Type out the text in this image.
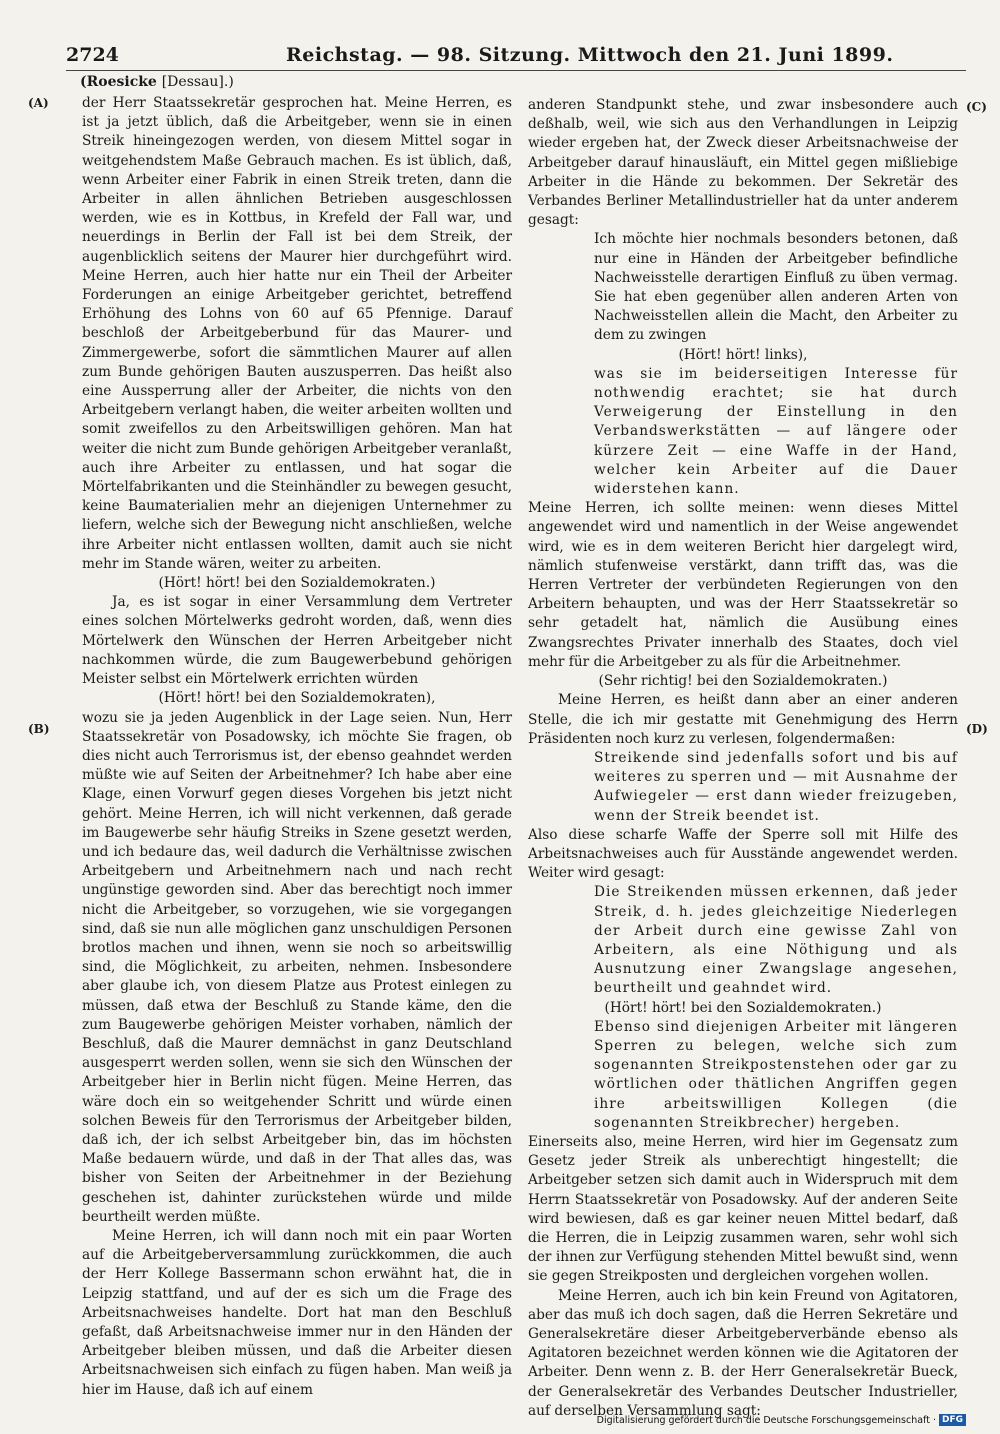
2724	Reichstag. — 98. Sitzung. Mittwoch den 21. Juni 1899.
(Roesicke [Dessau].)
(A)
(B)
(C)
(D)

der Herr Staatssekretär gesprochen hat. Meine Herren, es ist ja jetzt üblich, daß die Arbeitgeber, wenn sie in einen Streik hineingezogen werden, von diesem Mittel sogar in weitgehendstem Maße Gebrauch machen. Es ist üblich, daß, wenn Arbeiter einer Fabrik in einen Streik treten, dann die Arbeiter in allen ähnlichen Betrieben ausgeschlossen werden, wie es in Kottbus, in Krefeld der Fall war, und neuerdings in Berlin der Fall ist bei dem Streik, der augenblicklich seitens der Maurer hier durchgeführt wird. Meine Herren, auch hier hatte nur ein Theil der Arbeiter Forderungen an einige Arbeitgeber gerichtet, betreffend Erhöhung des Lohns von 60 auf 65 Pfennige. Darauf beschloß der Arbeitgeberbund für das Maurer- und Zimmergewerbe, sofort die sämmtlichen Maurer auf allen zum Bunde gehörigen Bauten auszusperren. Das heißt also eine Aussperrung aller der Arbeiter, die nichts von den Arbeitgebern verlangt haben, die weiter arbeiten wollten und somit zweifellos zu den Arbeitswilligen gehören. Man hat weiter die nicht zum Bunde gehörigen Arbeitgeber veranlaßt, auch ihre Arbeiter zu entlassen, und hat sogar die Mörtelfabrikanten und die Steinhändler zu bewegen gesucht, keine Baumaterialien mehr an diejenigen Unternehmer zu liefern, welche sich der Bewegung nicht anschließen, welche ihre Arbeiter nicht entlassen wollten, damit auch sie nicht mehr im Stande wären, weiter zu arbeiten.

(Hört! hört! bei den Sozialdemokraten.)

Ja, es ist sogar in einer Versammlung dem Vertreter eines solchen Mörtelwerks gedroht worden, daß, wenn dies Mörtelwerk den Wünschen der Herren Arbeitgeber nicht nachkommen würde, die zum Baugewerbebund gehörigen Meister selbst ein Mörtelwerk errichten würden

(Hört! hört! bei den Sozialdemokraten),

wozu sie ja jeden Augenblick in der Lage seien. Nun, Herr Staatssekretär von Posadowsky, ich möchte Sie fragen, ob dies nicht auch Terrorismus ist, der ebenso geahndet werden müßte wie auf Seiten der Arbeitnehmer? Ich habe aber eine Klage, einen Vorwurf gegen dieses Vorgehen bis jetzt nicht gehört. Meine Herren, ich will nicht verkennen, daß gerade im Baugewerbe sehr häufig Streiks in Szene gesetzt werden, und ich bedaure das, weil dadurch die Verhältnisse zwischen Arbeitgebern und Arbeitnehmern nach und nach recht ungünstige geworden sind. Aber das berechtigt noch immer nicht die Arbeitgeber, so vorzugehen, wie sie vorgegangen sind, daß sie nun alle möglichen ganz unschuldigen Personen brotlos machen und ihnen, wenn sie noch so arbeitswillig sind, die Möglichkeit, zu arbeiten, nehmen. Insbesondere aber glaube ich, von diesem Platze aus Protest einlegen zu müssen, daß etwa der Beschluß zu Stande käme, den die zum Baugewerbe gehörigen Meister vorhaben, nämlich der Beschluß, daß die Maurer demnächst in ganz Deutschland ausgesperrt werden sollen, wenn sie sich den Wünschen der Arbeitgeber hier in Berlin nicht fügen. Meine Herren, das wäre doch ein so weitgehender Schritt und würde einen solchen Beweis für den Terrorismus der Arbeitgeber bilden, daß ich, der ich selbst Arbeitgeber bin, das im höchsten Maße bedauern würde, und daß in der That alles das, was bisher von Seiten der Arbeitnehmer in der Beziehung geschehen ist, dahinter zurückstehen würde und milde beurtheilt werden müßte.

Meine Herren, ich will dann noch mit ein paar Worten auf die Arbeitgeberversammlung zurückkommen, die auch der Herr Kollege Bassermann schon erwähnt hat, die in Leipzig stattfand, und auf der es sich um die Frage des Arbeitsnachweises handelte. Dort hat man den Beschluß gefaßt, daß Arbeitsnachweise immer nur in den Händen der Arbeitgeber bleiben müssen, und daß die Arbeiter diesen Arbeitsnachweisen sich einfach zu fügen haben. Man weiß ja hier im Hause, daß ich auf einem

anderen Standpunkt stehe, und zwar insbesondere auch deßhalb, weil, wie sich aus den Verhandlungen in Leipzig wieder ergeben hat, der Zweck dieser Arbeitsnachweise der Arbeitgeber darauf hinausläuft, ein Mittel gegen mißliebige Arbeiter in die Hände zu bekommen. Der Sekretär des Verbandes Berliner Metallindustrieller hat da unter anderem gesagt:

Ich möchte hier nochmals besonders betonen, daß nur eine in Händen der Arbeitgeber befindliche Nachweisstelle derartigen Einfluß zu üben vermag. Sie hat eben gegenüber allen anderen Arten von Nachweisstellen allein die Macht, den Arbeiter zu dem zu zwingen

(Hört! hört! links),

was sie im beiderseitigen Interesse für nothwendig erachtet; sie hat durch Verweigerung der Einstellung in den Verbandswerkstätten — auf längere oder kürzere Zeit — eine Waffe in der Hand, welcher kein Arbeiter auf die Dauer widerstehen kann.

Meine Herren, ich sollte meinen: wenn dieses Mittel angewendet wird und namentlich in der Weise angewendet wird, wie es in dem weiteren Bericht hier dargelegt wird, nämlich stufenweise verstärkt, dann trifft das, was die Herren Vertreter der verbündeten Regierungen von den Arbeitern behaupten, und was der Herr Staatssekretär so sehr getadelt hat, nämlich die Ausübung eines Zwangsrechtes Privater innerhalb des Staates, doch viel mehr für die Arbeitgeber zu als für die Arbeitnehmer.

(Sehr richtig! bei den Sozialdemokraten.)

Meine Herren, es heißt dann aber an einer anderen Stelle, die ich mir gestatte mit Genehmigung des Herrn Präsidenten noch kurz zu verlesen, folgendermaßen:

Streikende sind jedenfalls sofort und bis auf weiteres zu sperren und — mit Ausnahme der Aufwiegeler — erst dann wieder freizugeben, wenn der Streik beendet ist.

Also diese scharfe Waffe der Sperre soll mit Hilfe des Arbeitsnachweises auch für Ausstände angewendet werden. Weiter wird gesagt:

Die Streikenden müssen erkennen, daß jeder Streik, d. h. jedes gleichzeitige Niederlegen der Arbeit durch eine gewisse Zahl von Arbeitern, als eine Nöthigung und als Ausnutzung einer Zwangslage angesehen, beurtheilt und geahndet wird.

(Hört! hört! bei den Sozialdemokraten.)

Ebenso sind diejenigen Arbeiter mit längeren Sperren zu belegen, welche sich zum sogenannten Streikpostenstehen oder gar zu wörtlichen oder thätlichen Angriffen gegen ihre arbeitswilligen Kollegen (die sogenannten Streikbrecher) hergeben.

Einerseits also, meine Herren, wird hier im Gegensatz zum Gesetz jeder Streik als unberechtigt hingestellt; die Arbeitgeber setzen sich damit auch in Widerspruch mit dem Herrn Staatssekretär von Posadowsky. Auf der anderen Seite wird bewiesen, daß es gar keiner neuen Mittel bedarf, daß die Herren, die in Leipzig zusammen waren, sehr wohl sich der ihnen zur Verfügung stehenden Mittel bewußt sind, wenn sie gegen Streikposten und dergleichen vorgehen wollen.

Meine Herren, auch ich bin kein Freund von Agitatoren, aber das muß ich doch sagen, daß die Herren Sekretäre und Generalsekretäre dieser Arbeitgeberverbände ebenso als Agitatoren bezeichnet werden können wie die Agitatoren der Arbeiter. Denn wenn z. B. der Herr Generalsekretär Bueck, der Generalsekretär des Verbandes Deutscher Industrieller, auf derselben Versammlung sagt:

Digitalisierung gefördert durch die Deutsche Forschungsgemeinschaft · DFG
